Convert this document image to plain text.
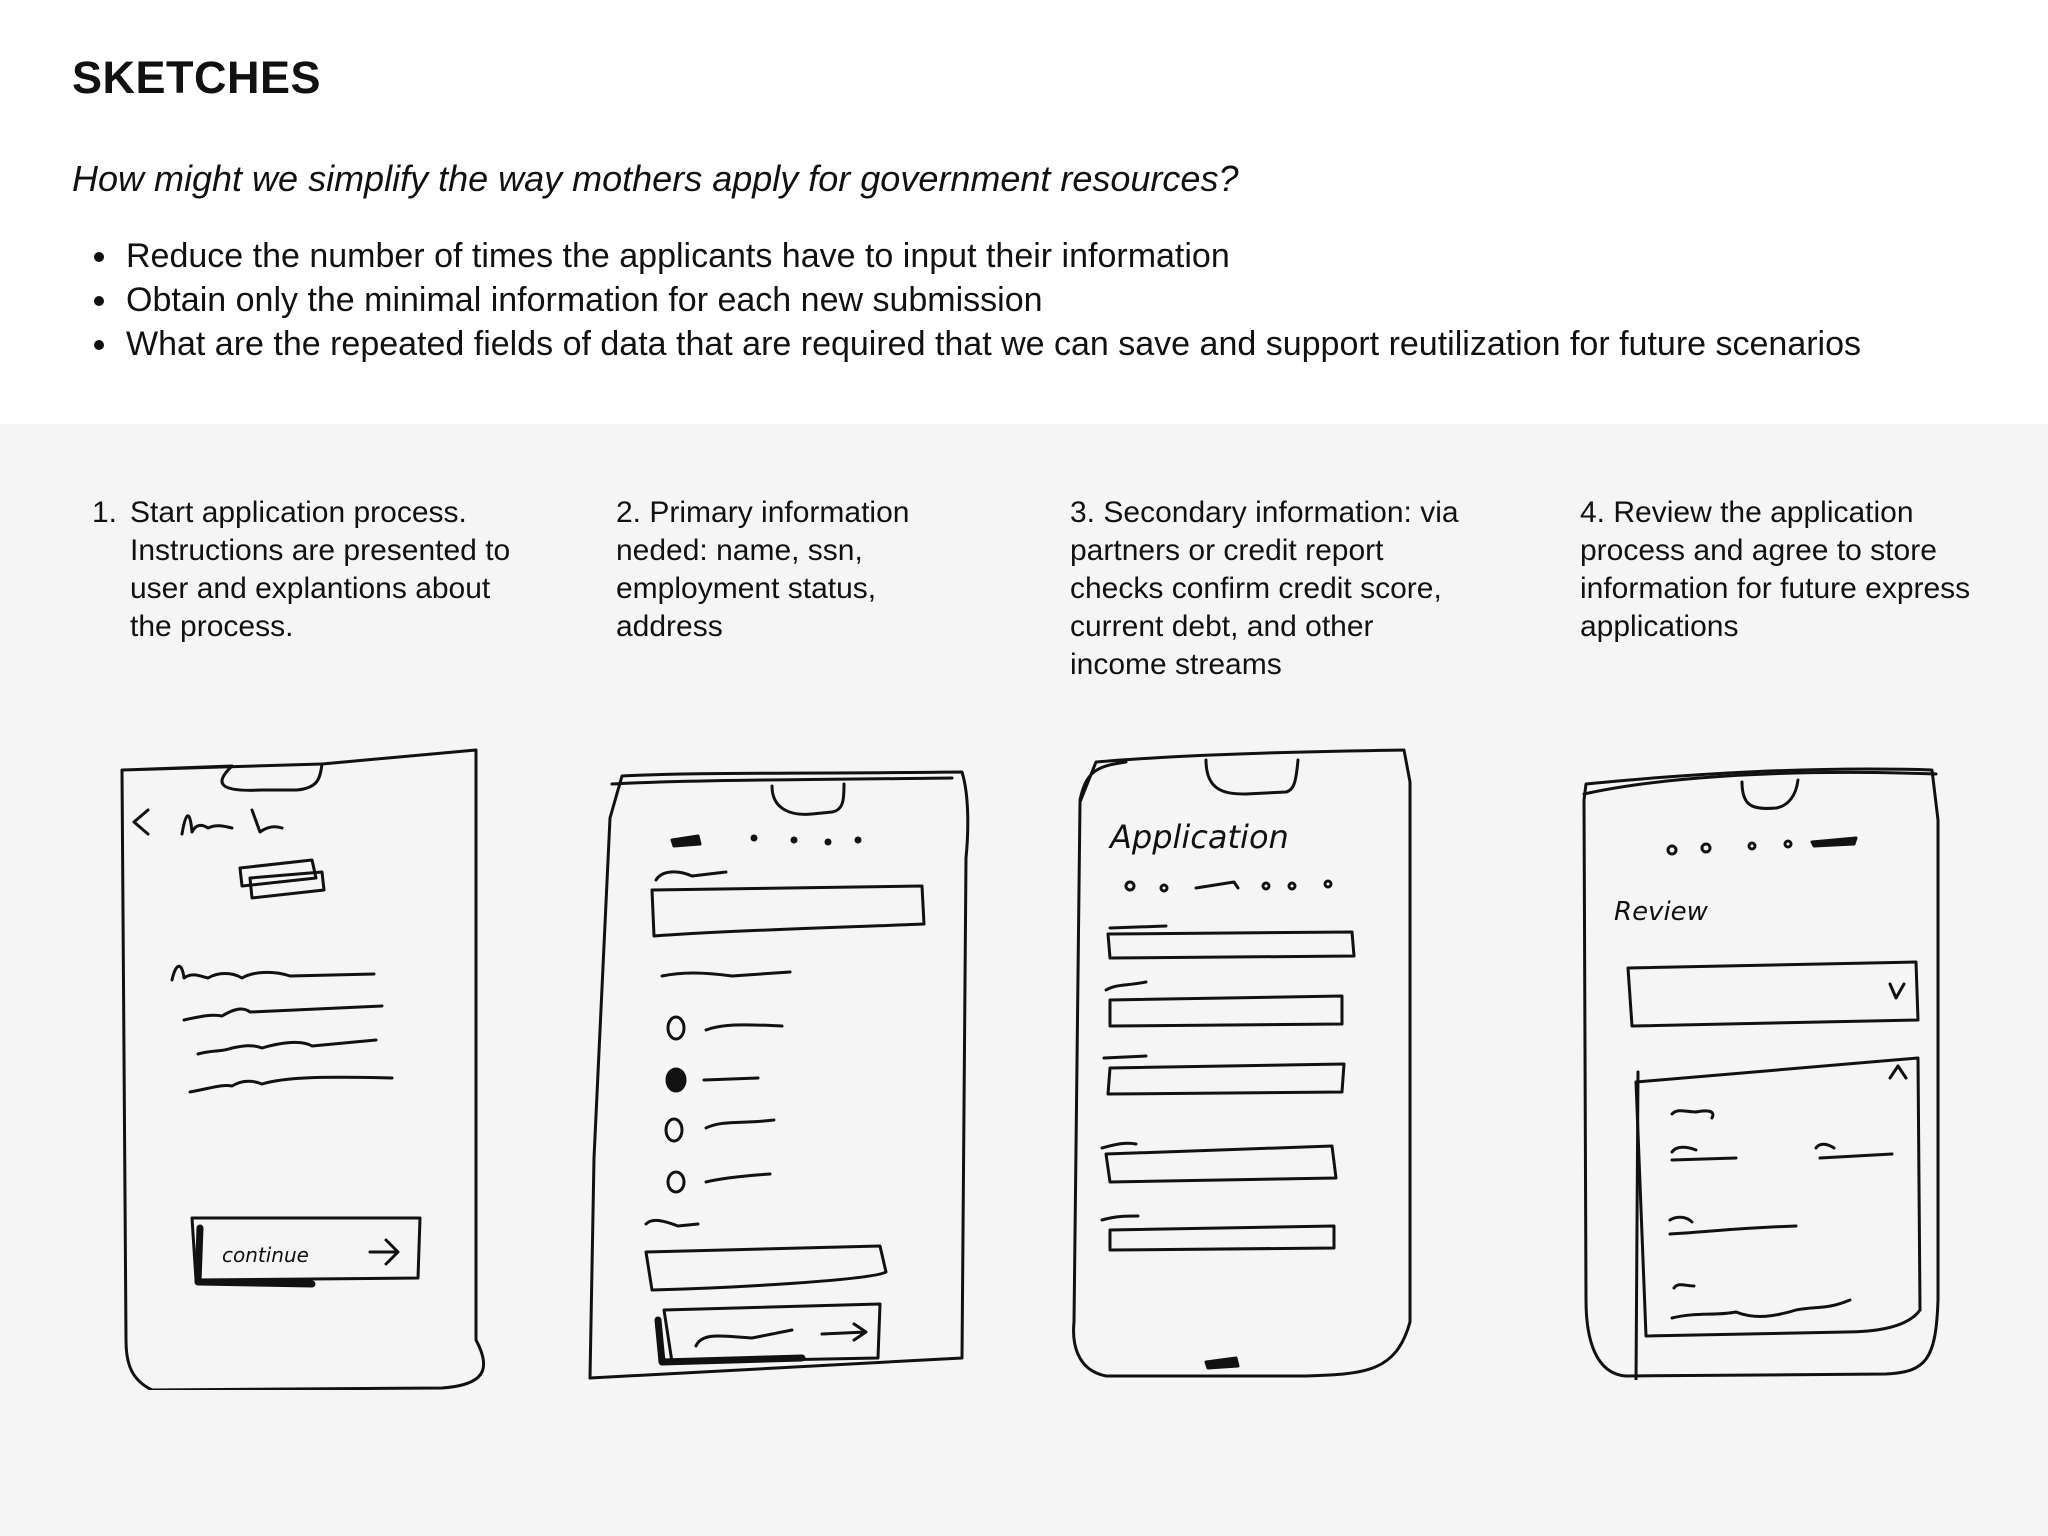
SKETCHES
How might we simplify the way mothers apply for government resources?
Reduce the number of times the applicants have to input their information
Obtain only the minimal information for each new submission
What are the repeated fields of data that are required that we can save and support reutilization for future scenarios
1. Start application process. Instructions are presented to user and explantions about the process.
2. Primary information neded: name, ssn, employment status, address
3. Secondary information: via partners or credit report checks confirm credit score, current debt, and other income streams
4. Review the application process and agree to store information for future express applications
continue
Application
Review
